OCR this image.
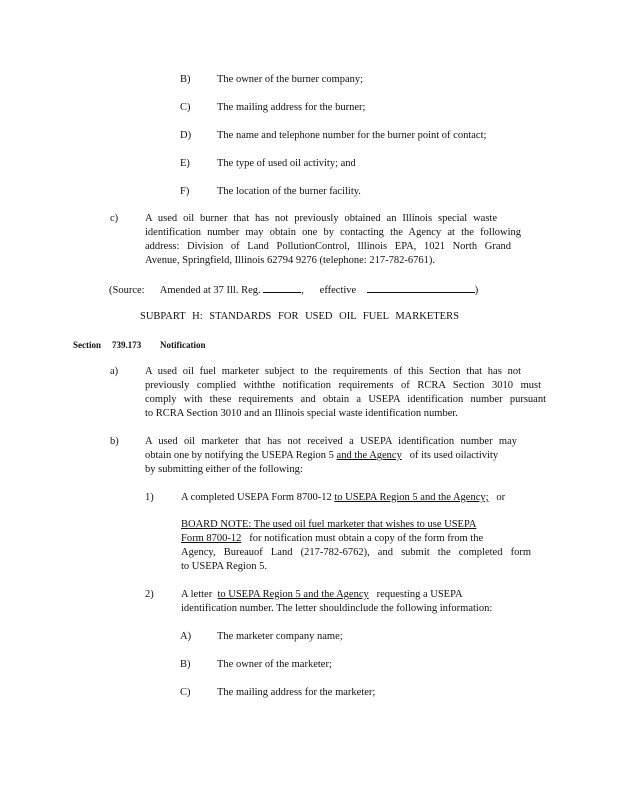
B)	The owner of the burner company;
C)	The mailing address for the burner;
D) The name and telephone number for the burner point of contact;
E)	The type of used oil activity; and
F)	The location of the burner facility.
c)	A used oil burner that has not previously obtained an Illinois special waste
identification number may obtain one by contacting the Agency at the following
address: Division of Land PollutionControl, Illinois EPA, 1021 North Grand
Avenue, Springfield, Illinois 62794 9276 (telephone: 217-782-6761).
(Source: Amended at 37 Ill. Reg.	, effective	)
SUBPART H: STANDARDS FOR USED OIL FUEL MARKETERS
Section 739.173 Notification
a)	A used oil fuel marketer subject to the requirements of this Section that has not
previously complied withthe notification requirements of RCRA Section 3010 must
comply with these requirements and obtain a USEPA identification number pursuant
to RCRA Section 3010 and an Illinois special waste identification number.
b)	A used oil marketer that has not received a USEPA identification number may
obtain one by notifying the USEPA Region 5 and the Agency of its used oilactivity
by submitting either of the following:
1)	A completed USEPA Form 8700-12 to USEPA Region 5 and the Agency; or
BOARD NOTE: The used oil fuel marketer that wishes to use USEPA
Form 8700-12 for notification must obtain a copy of the form from the
Agency, Bureauof Land (217-782-6762), and submit the completed form
to USEPA Region 5.
2)	A letter to USEPA Region 5 and the Agency requesting a USEPA
identification number. The letter shouldinclude the following information:
A) The marketer company name;
B)	The owner of the marketer;
C)	The mailing address for the marketer;
